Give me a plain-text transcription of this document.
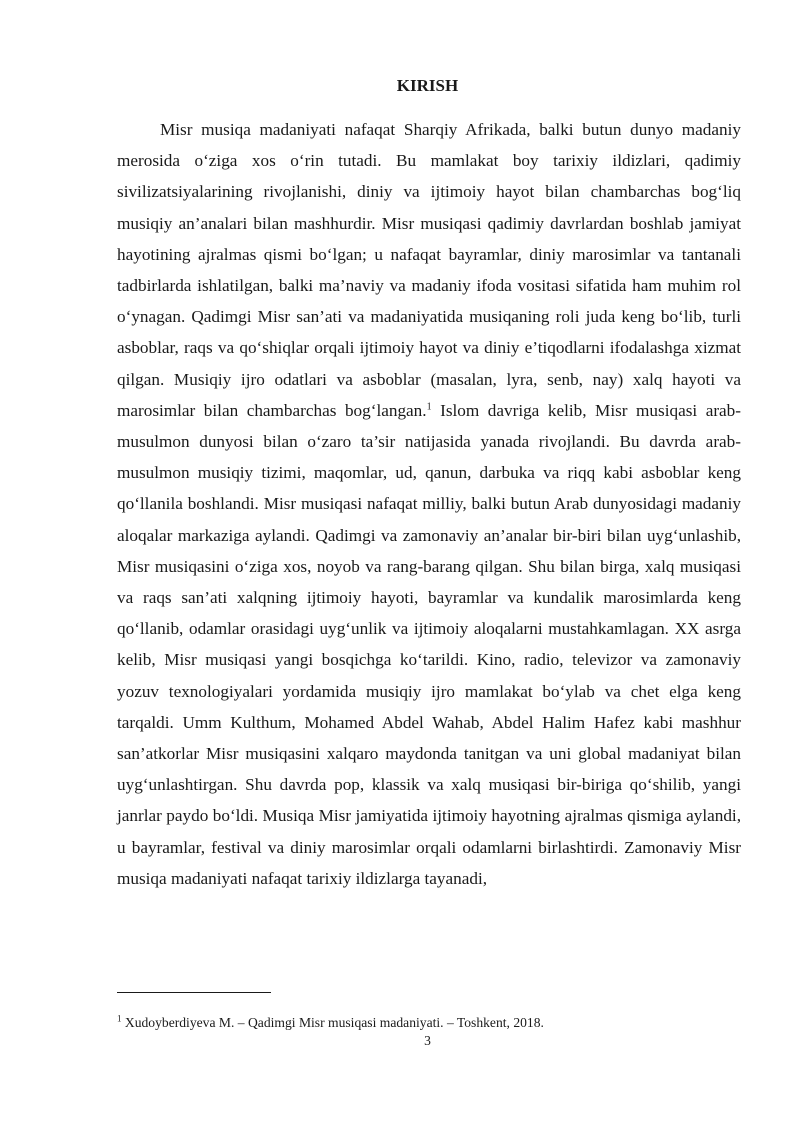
KIRISH

Misr musiqa madaniyati nafaqat Sharqiy Afrikada, balki butun dunyo madaniy merosida o‘ziga xos o‘rin tutadi. Bu mamlakat boy tarixiy ildizlari, qadimiy sivilizatsiyalarining rivojlanishi, diniy va ijtimoiy hayot bilan chambarchas bog‘liq musiqiy an’analari bilan mashhurdir. Misr musiqasi qadimiy davrlardan boshlab jamiyat hayotining ajralmas qismi bo‘lgan; u nafaqat bayramlar, diniy marosimlar va tantanali tadbirlarda ishlatilgan, balki ma’naviy va madaniy ifoda vositasi sifatida ham muhim rol o‘ynagan. Qadimgi Misr san’ati va madaniyatida musiqaning roli juda keng bo‘lib, turli asboblar, raqs va qo‘shiqlar orqali ijtimoiy hayot va diniy e’tiqodlarni ifodalashga xizmat qilgan. Musiqiy ijro odatlari va asboblar (masalan, lyra, senb, nay) xalq hayoti va marosimlar bilan chambarchas bog‘langan.$^1$ Islom davriga kelib, Misr musiqasi arab-musulmon dunyosi bilan o‘zaro ta’sir natijasida yanada rivojlandi. Bu davrda arab-musulmon musiqiy tizimi, maqomlar, ud, qanun, darbuka va riqq kabi asboblar keng qo‘llanila boshlandi. Misr musiqasi nafaqat milliy, balki butun Arab dunyosidagi madaniy aloqalar markaziga aylandi. Qadimgi va zamonaviy an’analar bir-biri bilan uyg‘unlashib, Misr musiqasini o‘ziga xos, noyob va rang-barang qilgan. Shu bilan birga, xalq musiqasi va raqs san’ati xalqning ijtimoiy hayoti, bayramlar va kundalik marosimlarda keng qo‘llanib, odamlar orasidagi uyg‘unlik va ijtimoiy aloqalarni mustahkamlagan. XX asrga kelib, Misr musiqasi yangi bosqichga ko‘tarildi. Kino, radio, televizor va zamonaviy yozuv texnologiyalari yordamida musiqiy ijro mamlakat bo‘ylab va chet elga keng tarqaldi. Umm Kulthum, Mohamed Abdel Wahab, Abdel Halim Hafez kabi mashhur san’atkorlar Misr musiqasini xalqaro maydonda tanitgan va uni global madaniyat bilan uyg‘unlashtirgan. Shu davrda pop, klassik va xalq musiqasi bir-biriga qo‘shilib, yangi janrlar paydo bo‘ldi. Musiqa Misr jamiyatida ijtimoiy hayotning ajralmas qismiga aylandi, u bayramlar, festival va diniy marosimlar orqali odamlarni birlashtirdi. Zamonaviy Misr musiqa madaniyati nafaqat tarixiy ildizlarga tayanadi,

$^1$ Xudoyberdiyeva M. – Qadimgi Misr musiqasi madaniyati. – Toshkent, 2018.

3
